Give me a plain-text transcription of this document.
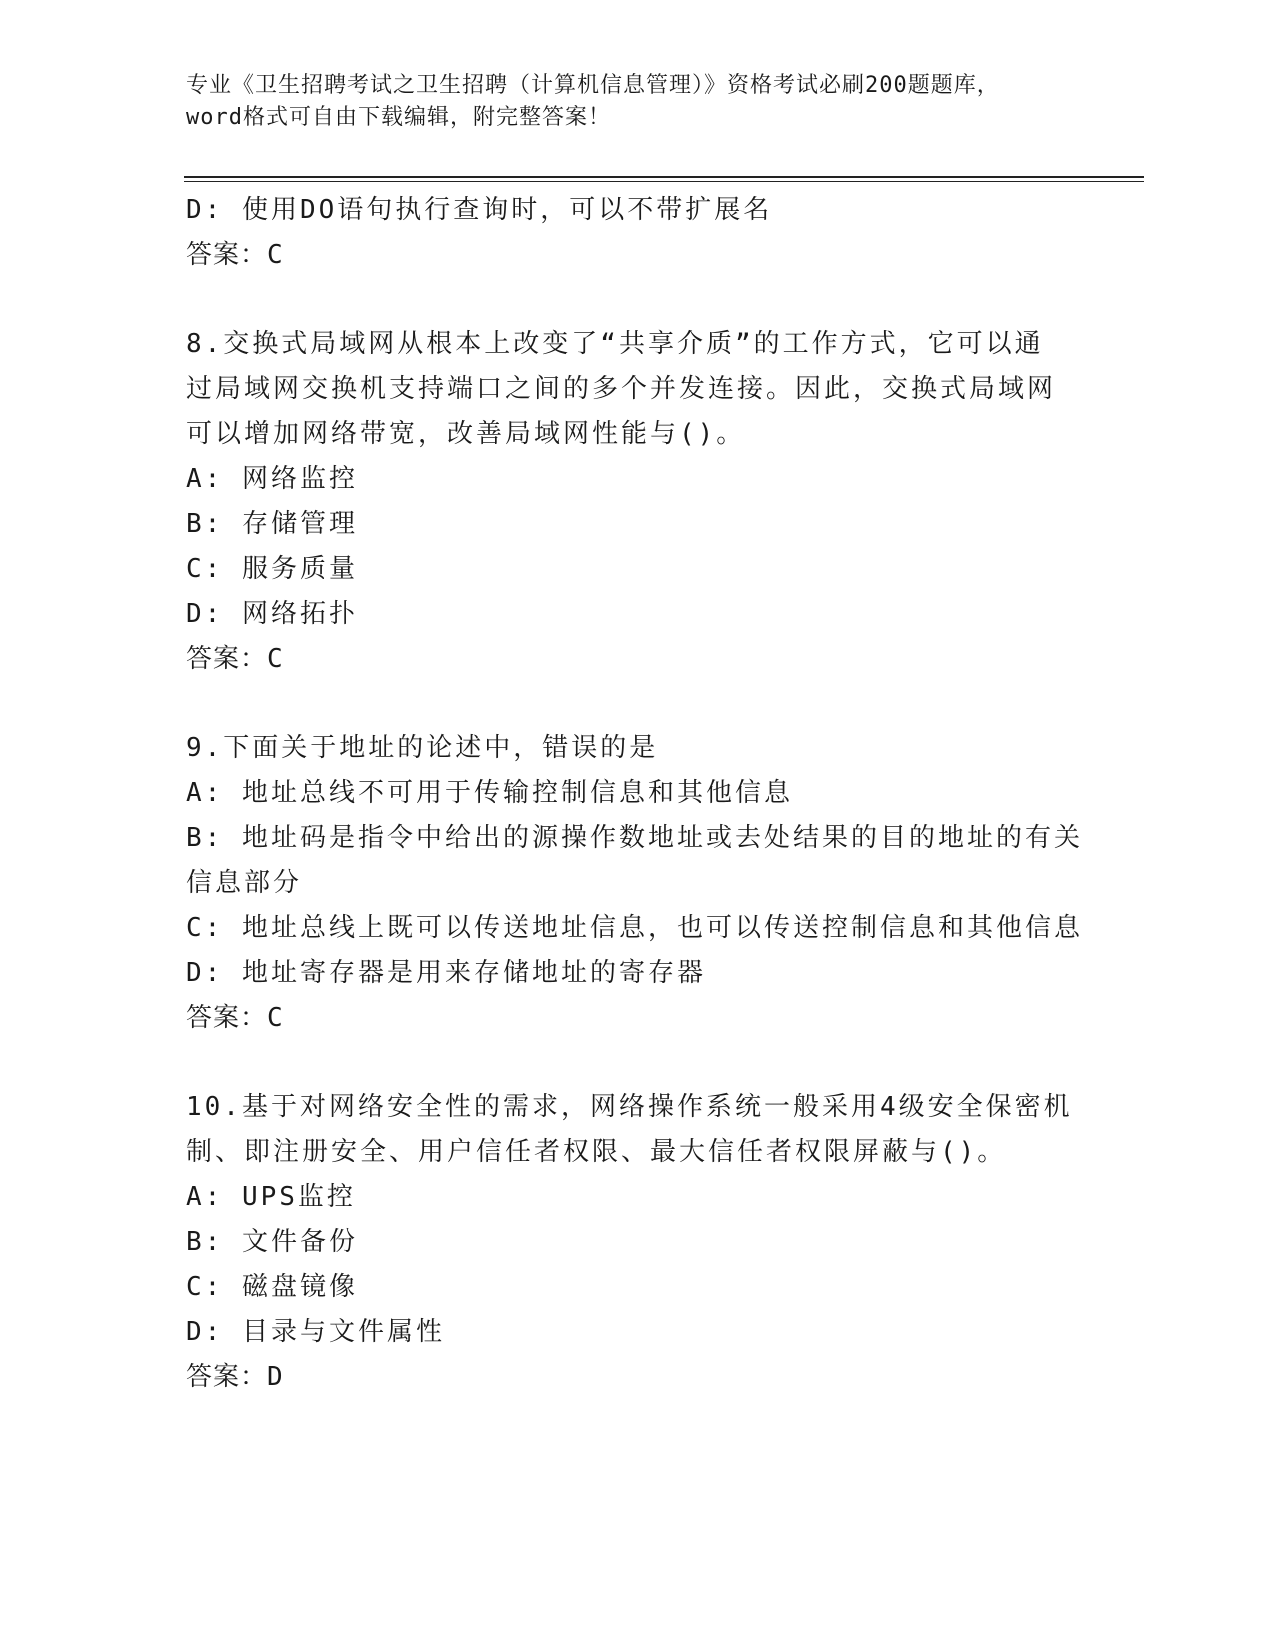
专业《卫生招聘考试之卫生招聘（计算机信息管理）》资格考试必刷200题题库，
word格式可自由下载编辑，附完整答案！
D: 使用DO语句执行查询时，可以不带扩展名
答案：C
8.交换式局域网从根本上改变了“共享介质”的工作方式，它可以通
过局域网交换机支持端口之间的多个并发连接。因此，交换式局域网
可以增加网络带宽，改善局域网性能与()。
A: 网络监控
B: 存储管理
C: 服务质量
D: 网络拓扑
答案：C
9.下面关于地址的论述中，错误的是
A: 地址总线不可用于传输控制信息和其他信息
B: 地址码是指令中给出的源操作数地址或去处结果的目的地址的有关
信息部分
C: 地址总线上既可以传送地址信息，也可以传送控制信息和其他信息
D: 地址寄存器是用来存储地址的寄存器
答案：C
10.基于对网络安全性的需求，网络操作系统一般采用4级安全保密机
制、即注册安全、用户信任者权限、最大信任者权限屏蔽与()。
A: UPS监控
B: 文件备份
C: 磁盘镜像
D: 目录与文件属性
答案：D
